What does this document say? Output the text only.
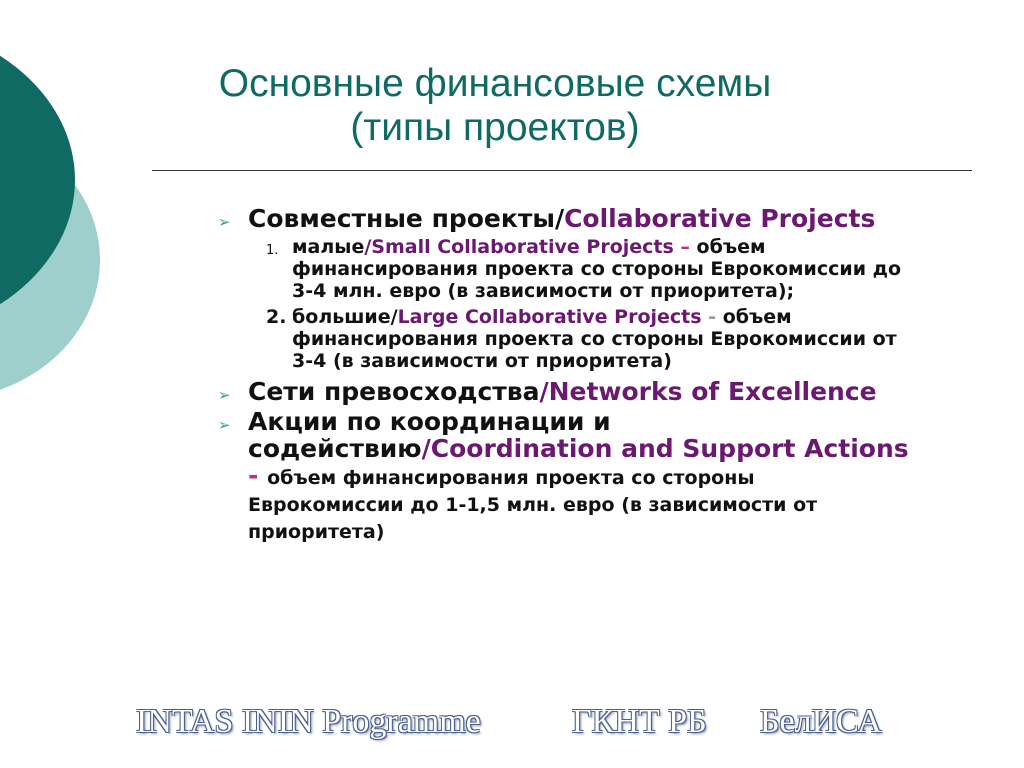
Основные финансовые схемы
(типы проектов)
➢ Совместные проекты/Collaborative Projects
1. малые/Small Collaborative Projects – объем финансирования проекта со стороны Еврокомиссии до 3-4 млн. евро (в зависимости от приоритета);
2. большие/Large Collaborative Projects - объем финансирования проекта со стороны Еврокомиссии от 3-4 (в зависимости от приоритета)
➢ Сети превосходства/Networks of Excellence
➢ Акции по координации и содействию/Coordination and Support Actions - объем финансирования проекта со стороны Еврокомиссии до 1-1,5 млн. евро (в зависимости от приоритета)
INTAS ININ Programme	ГКНТ РБ БелИСА
